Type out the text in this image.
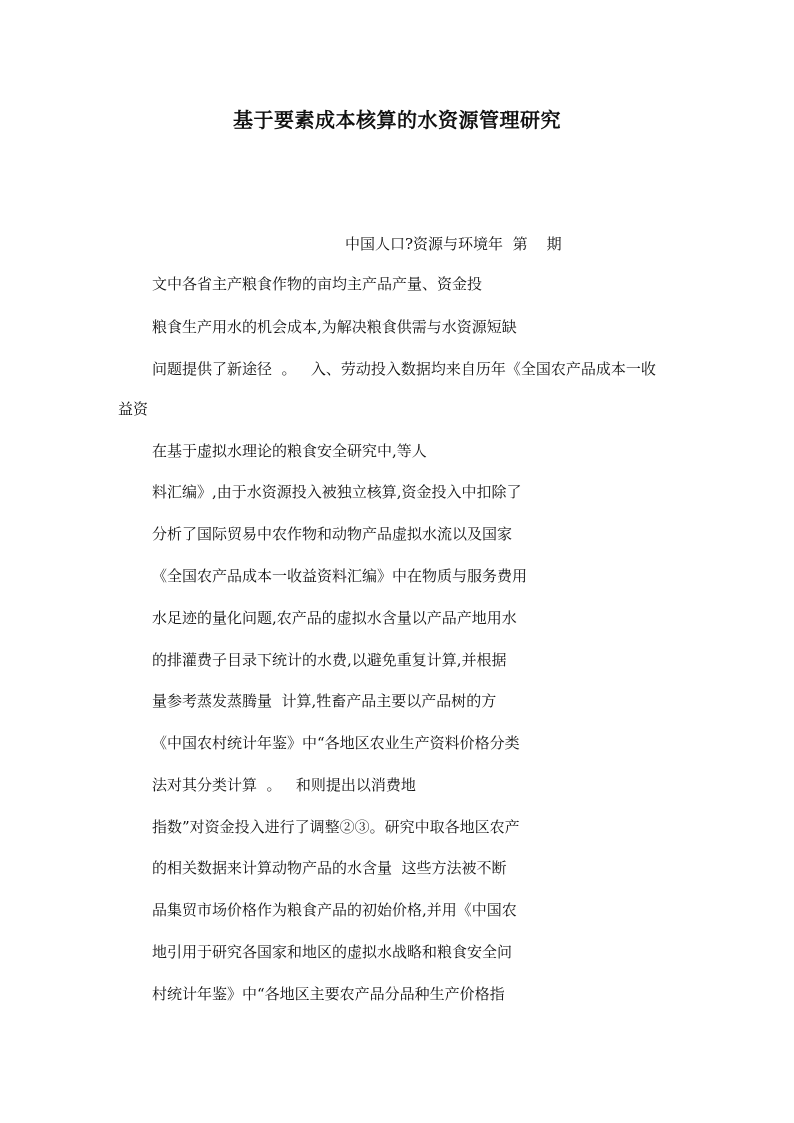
基于要素成本核算的水资源管理研究
中国人口?资源与环境年  第    期
文中各省主产粮食作物的亩均主产品产量、资金投
粮食生产用水的机会成本,为解决粮食供需与水资源短缺
问题提供了新途径  。   入、劳动投入数据均来自历年《全国农产品成本一收
益资
在基于虚拟水理论的粮食安全研究中,等人
料汇编》,由于水资源投入被独立核算,资金投入中扣除了
分析了国际贸易中农作物和动物产品虚拟水流以及国家
《全国农产品成本一收益资料汇编》中在物质与服务费用
水足迹的量化问题,农产品的虚拟水含量以产品产地用水
的排灌费子目录下统计的水费,以避免重复计算,并根据
量参考蒸发蒸腾量  计算,牲畜产品主要以产品树的方
《中国农村统计年鉴》中“各地区农业生产资料价格分类
法对其分类计算  。   和则提出以消费地
指数”对资金投入进行了调整②③。研究中取各地区农产
的相关数据来计算动物产品的水含量  这些方法被不断
品集贸市场价格作为粮食产品的初始价格,并用《中国农
地引用于研究各国家和地区的虚拟水战略和粮食安全问
村统计年鉴》中“各地区主要农产品分品种生产价格指
